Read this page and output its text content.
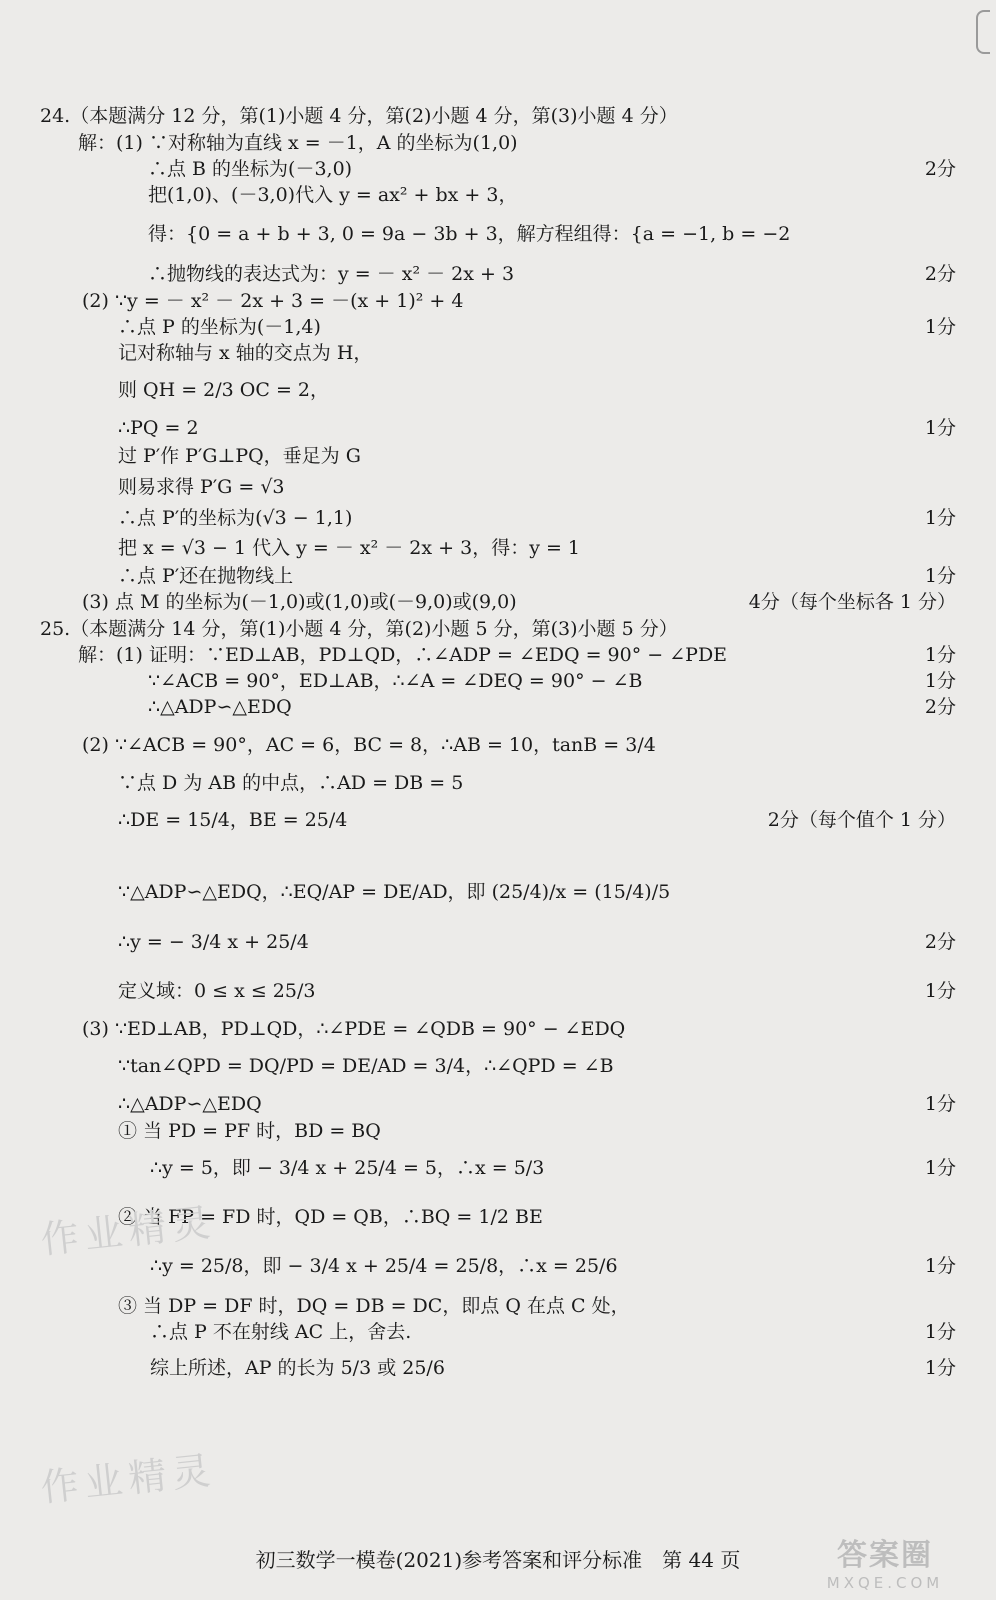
24.（本题满分 12 分，第(1)小题 4 分，第(2)小题 4 分，第(3)小题 4 分）
解：(1) ∵对称轴为直线 x = －1，A 的坐标为(1,0)
∴点 B 的坐标为(－3,0)	2分
把(1,0)、(－3,0)代入 y = ax² + bx + 3，
得：{0 = a + b + 3, 0 = 9a − 3b + 3，解方程组得：{a = −1, b = −2
∴抛物线的表达式为：y = － x² － 2x + 3	2分
(2) ∵y = － x² － 2x + 3 = －(x + 1)² + 4
∴点 P 的坐标为(－1,4)	1分
记对称轴与 x 轴的交点为 H，
则 QH = 2/3 OC = 2，
∴PQ = 2	1分
过 P′作 P′G⊥PQ，垂足为 G
则易求得 P′G = √3
∴点 P′的坐标为(√3 − 1,1)	1分
把 x = √3 − 1 代入 y = － x² － 2x + 3，得：y = 1
∴点 P′还在抛物线上	1分
(3) 点 M 的坐标为(－1,0)或(1,0)或(－9,0)或(9,0)	4分（每个坐标各 1 分）
25.（本题满分 14 分，第(1)小题 4 分，第(2)小题 5 分，第(3)小题 5 分）
解：(1) 证明：∵ED⊥AB，PD⊥QD，∴∠ADP = ∠EDQ = 90° − ∠PDE	1分
∵∠ACB = 90°，ED⊥AB，∴∠A = ∠DEQ = 90° − ∠B	1分
∴△ADP∽△EDQ	2分
(2) ∵∠ACB = 90°，AC = 6，BC = 8，∴AB = 10，tanB = 3/4
∵点 D 为 AB 的中点，∴AD = DB = 5
∴DE = 15/4，BE = 25/4	2分（每个值个 1 分）
∵△ADP∽△EDQ，∴EQ/AP = DE/AD，即 (25/4)/x = (15/4)/5
∴y = − 3/4 x + 25/4	2分
定义域：0 ≤ x ≤ 25/3	1分
(3) ∵ED⊥AB，PD⊥QD，∴∠PDE = ∠QDB = 90° − ∠EDQ
∵tan∠QPD = DQ/PD = DE/AD = 3/4，∴∠QPD = ∠B
∴△ADP∽△EDQ	1分
① 当 PD = PF 时，BD = BQ
∴y = 5，即 − 3/4 x + 25/4 = 5，∴x = 5/3	1分
② 当 FP = FD 时，QD = QB，∴BQ = 1/2 BE
∴y = 25/8，即 − 3/4 x + 25/4 = 25/8，∴x = 25/6	1分
③ 当 DP = DF 时，DQ = DB = DC，即点 Q 在点 C 处，
∴点 P 不在射线 AC 上，舍去.	1分
综上所述，AP 的长为 5/3 或 25/6	1分
作业精灵
作业精灵
初三数学一模卷(2021)参考答案和评分标准　第 44 页	答案圈
MXQE.COM
